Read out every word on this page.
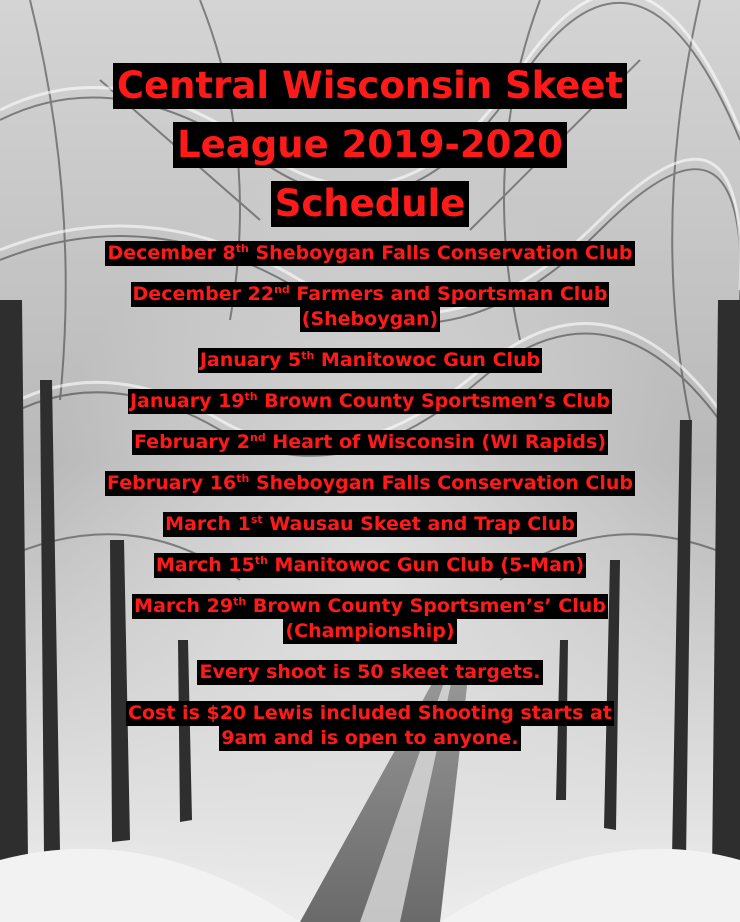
Central Wisconsin Skeet
League 2019-2020
Schedule
December 8th Sheboygan Falls Conservation Club
December 22nd Farmers and Sportsman Club
(Sheboygan)
January 5th Manitowoc Gun Club
January 19th Brown County Sportsmen’s Club
February 2nd Heart of Wisconsin (WI Rapids)
February 16th Sheboygan Falls Conservation Club
March 1st Wausau Skeet and Trap Club
March 15th Manitowoc Gun Club (5-Man)
March 29th Brown County Sportsmen’s’ Club
(Championship)
Every shoot is 50 skeet targets.
Cost is $20 Lewis included Shooting starts at
9am and is open to anyone.
